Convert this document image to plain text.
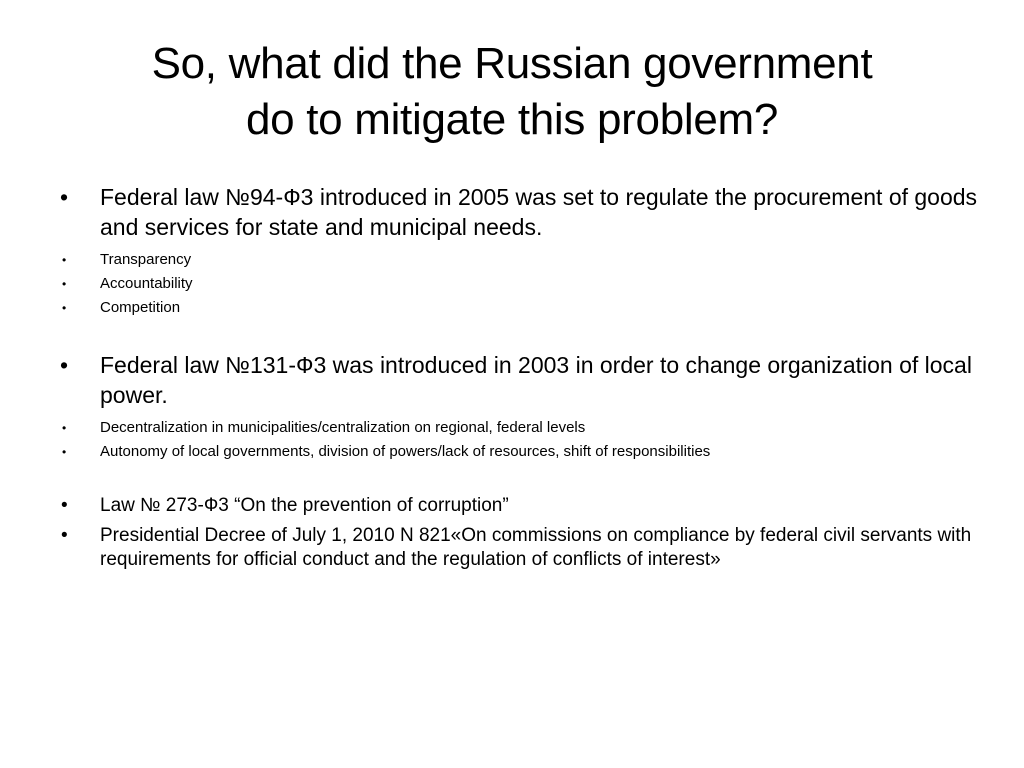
So, what did the Russian government
do to mitigate this problem?
• Federal law №94-Ф3 introduced in 2005 was set to regulate the procurement of goods and services for state and municipal needs.
• Transparency
• Accountability
• Competition
• Federal law №131-Ф3 was introduced in 2003 in order to change organization of local power.
• Decentralization in municipalities/centralization on regional, federal levels
• Autonomy of local governments, division of powers/lack of resources, shift of responsibilities
• Law № 273-Ф3 “On the prevention of corruption”
• Presidential Decree of July 1, 2010 N 821«On commissions on compliance by federal civil servants with requirements for official conduct and the regulation of conflicts of interest»
